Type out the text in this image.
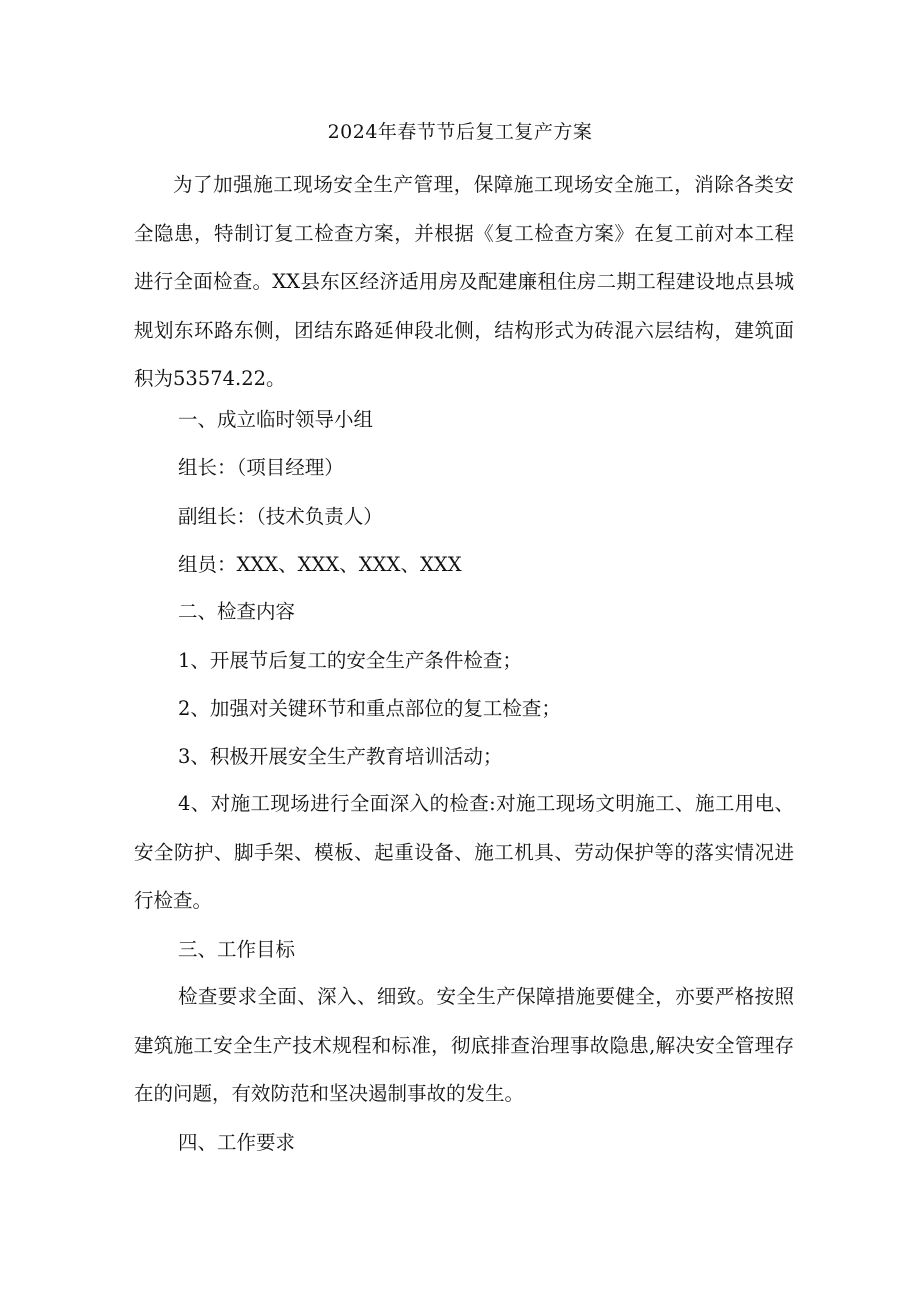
2024年春节节后复工复产方案

为了加强施工现场安全生产管理，保障施工现场安全施工，消除各类安全隐患，特制订复工检查方案，并根据《复工检查方案》在复工前对本工程进行全面检查。XX县东区经济适用房及配建廉租住房二期工程建设地点县城规划东环路东侧，团结东路延伸段北侧，结构形式为砖混六层结构，建筑面积为53574.22。

一、成立临时领导小组

组长：（项目经理）

副组长：（技术负责人）

组员：XXX、XXX、XXX、XXX

二、检查内容

1、开展节后复工的安全生产条件检查；

2、加强对关键环节和重点部位的复工检查；

3、积极开展安全生产教育培训活动；

4、对施工现场进行全面深入的检查:对施工现场文明施工、施工用电、安全防护、脚手架、模板、起重设备、施工机具、劳动保护等的落实情况进行检查。

三、工作目标

检查要求全面、深入、细致。安全生产保障措施要健全，亦要严格按照建筑施工安全生产技术规程和标准，彻底排查治理事故隐患,解决安全管理存在的问题，有效防范和坚决遏制事故的发生。

四、工作要求
